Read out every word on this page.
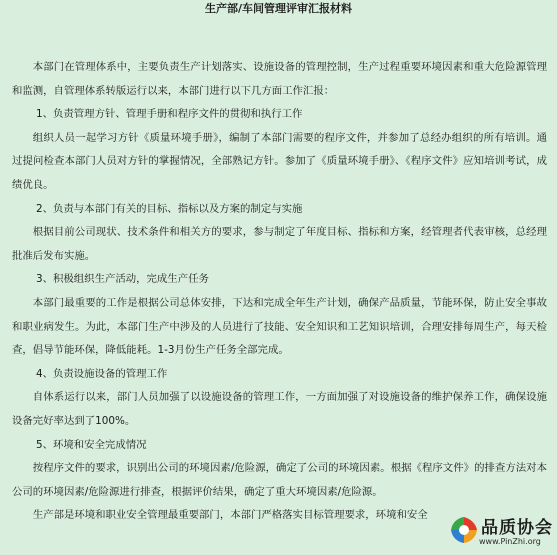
生产部/车间管理评审汇报材料

本部门在管理体系中，主要负责生产计划落实、设施设备的管理控制，生产过程重要环境因素和重大危险源管理和监测，自管理体系转版运行以来，本部门进行以下几方面工作汇报：

1、负责管理方针、管理手册和程序文件的贯彻和执行工作

组织人员一起学习方针《质量环境手册》，编制了本部门需要的程序文件，并参加了总经办组织的所有培训。通过提问检查本部门人员对方针的掌握情况，全部熟记方针。参加了《质量环境手册》、《程序文件》应知培训考试，成绩优良。

2、负责与本部门有关的目标、指标以及方案的制定与实施

根据目前公司现状、技术条件和相关方的要求，参与制定了年度目标、指标和方案，经管理者代表审核，总经理批准后发布实施。

3、积极组织生产活动，完成生产任务

本部门最重要的工作是根据公司总体安排，下达和完成全年生产计划，确保产品质量，节能环保，防止安全事故和职业病发生。为此，本部门生产中涉及的人员进行了技能、安全知识和工艺知识培训，合理安排每周生产，每天检查，倡导节能环保，降低能耗。1-3月份生产任务全部完成。

4、负责设施设备的管理工作

自体系运行以来，部门人员加强了以设施设备的管理工作，一方面加强了对设施设备的维护保养工作，确保设施设备完好率达到了100%。

5、环境和安全完成情况

按程序文件的要求，识别出公司的环境因素/危险源，确定了公司的环境因素。根据《程序文件》的排查方法对本公司的环境因素/危险源进行排查，根据评价结果，确定了重大环境因素/危险源。

生产部是环境和职业安全管理最重要部门，本部门严格落实目标管理要求，环境和安全

品质协会
www.PinZhi.org
